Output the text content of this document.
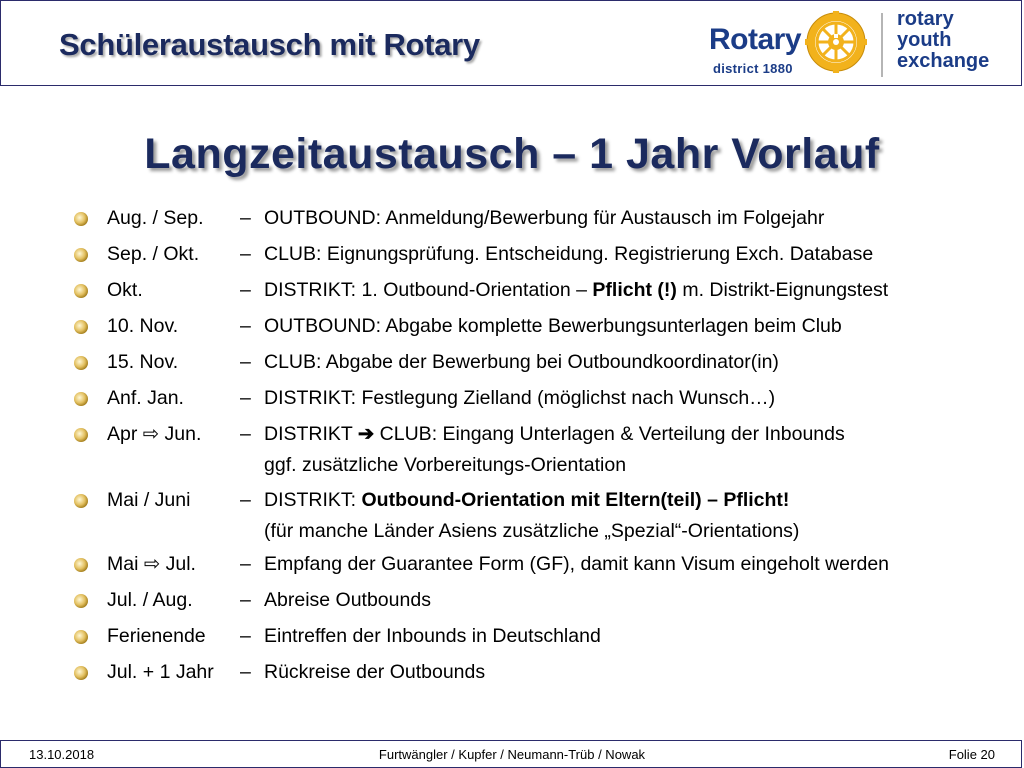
Schüleraustausch mit Rotary	Rotary
district 1880
rotary
youth
exchange
Langzeitaustausch – 1 Jahr Vorlauf
Aug. / Sep. – OUTBOUND: Anmeldung/Bewerbung für Austausch im Folgejahr
Sep. / Okt. – CLUB: Eignungsprüfung. Entscheidung. Registrierung Exch. Database
Okt.	– DISTRIKT: 1. Outbound-Orientation – Pflicht (!) m. Distrikt-Eignungstest
10. Nov.	– OUTBOUND: Abgabe komplette Bewerbungsunterlagen beim Club
15. Nov.	– CLUB: Abgabe der Bewerbung bei Outboundkoordinator(in)
Anf. Jan.	– DISTRIKT: Festlegung Zielland (möglichst nach Wunsch…)
Apr ⇨ Jun. – DISTRIKT ➔ CLUB: Eingang Unterlagen & Verteilung der Inbounds
ggf. zusätzliche Vorbereitungs-Orientation
Mai / Juni	– DISTRIKT: Outbound-Orientation mit Eltern(teil) – Pflicht!
(für manche Länder Asiens zusätzliche „Spezial“-Orientations)
Mai ⇨ Jul. – Empfang der Guarantee Form (GF), damit kann Visum eingeholt werden
Jul. / Aug. – Abreise Outbounds
Ferienende – Eintreffen der Inbounds in Deutschland
Jul. + 1 Jahr – Rückreise der Outbounds
13.10.2018	Furtwängler / Kupfer / Neumann-Trüb / Nowak	Folie 20
